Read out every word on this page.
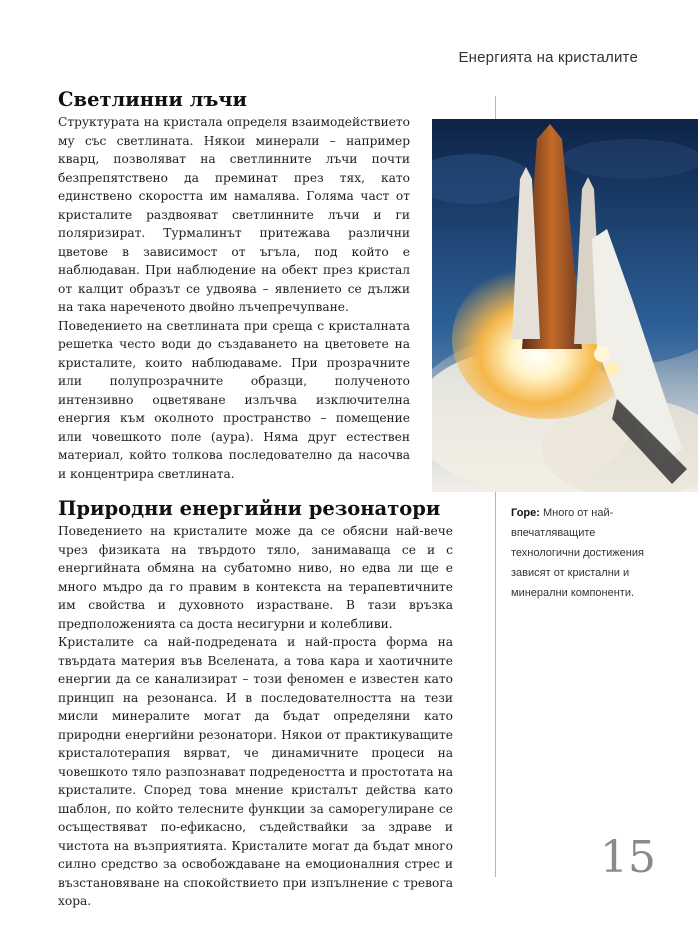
Енергията на кристалите
Светлинни лъчи

Структурата на кристала определя взаимодействието му със светлината. Някои минерали – например кварц, позволяват на светлинните лъчи почти безпрепятствено да преминат през тях, като единствено скоростта им намалява. Голяма част от кристалите раздвояват светлинните лъчи и ги поляризират. Турмалинът притежава различни цветове в зависимост от ъгъла, под който е наблюдаван. При наблюдение на обект през кристал от калцит образът се удвоява – явлението се дължи на така нареченото двойно лъчепречупване.

Поведението на светлината при среща с кристалната решетка често води до създаването на цветовете на кристалите, които наблюдаваме. При прозрачните или полупрозрачните образци, полученото интензивно оцветяване излъчва изключителна енергия към околното пространство – помещение или човешкото поле (аура). Няма друг естествен материал, който толкова последователно да насочва и концентрира светлината.

Природни енергийни резонатори

Поведението на кристалите може да се обясни най-вече чрез физиката на твърдото тяло, занимаваща се и с енергийната обмяна на субатомно ниво, но едва ли ще е много мъдро да го правим в контекста на терапевтичните им свойства и духовното израстване. В тази връзка предположенията са доста несигурни и колебливи.

Кристалите са най-подредената и най-проста форма на твърдата материя във Вселената, а това кара и хаотичните енергии да се канализират – този феномен е известен като принцип на резонанса. И в последователността на тези мисли минералите могат да бъдат определяни като природни енергийни резонатори. Някои от практикуващите кристалотерапия вярват, че динамичните процеси на човешкото тяло разпознават подредеността и простотата на кристалите. Според това мнение кристалът действа като шаблон, по който телесните функции за саморегулиране се осъществяват по-ефикасно, съдействайки за здраве и чистота на възприятията. Кристалите могат да бъдат много силно средство за освобождаване на емоционалния стрес и възстановяване на спокойствието при изпълнение с тревога хора.

Горе: Много от най-впечатляващите технологични достижения зависят от кристални и минерални компоненти.
15
